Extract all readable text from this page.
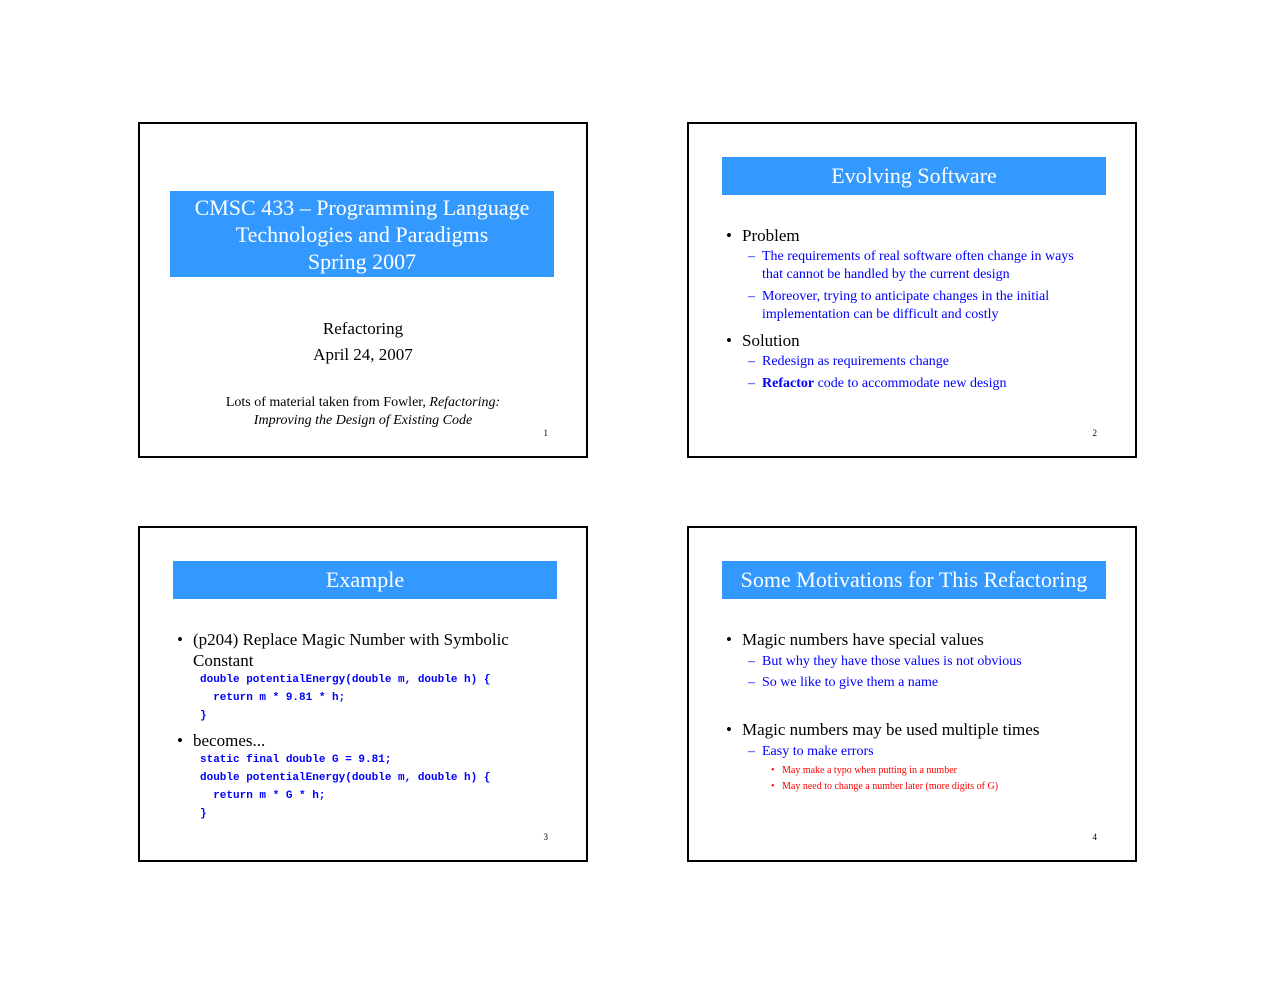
CMSC 433 – Programming Language
Technologies and Paradigms
Spring 2007
Refactoring
April 24, 2007
Lots of material taken from Fowler, Refactoring:
Improving the Design of Existing Code
1
Evolving Software
• Problem
– The requirements of real software often change in ways that cannot be handled by the current design
– Moreover, trying to anticipate changes in the initial implementation can be difficult and costly
• Solution
– Redesign as requirements change
– Refactor code to accommodate new design
2
Example
• (p204) Replace Magic Number with Symbolic Constant
double potentialEnergy(double m, double h) {
return m * 9.81 * h;
}
• becomes...
static final double G = 9.81;
double potentialEnergy(double m, double h) {
return m * G * h;
}
3
Some Motivations for This Refactoring
• Magic numbers have special values
– But why they have those values is not obvious
– So we like to give them a name
• Magic numbers may be used multiple times
– Easy to make errors
• May make a typo when putting in a number
• May need to change a number later (more digits of G)
4
